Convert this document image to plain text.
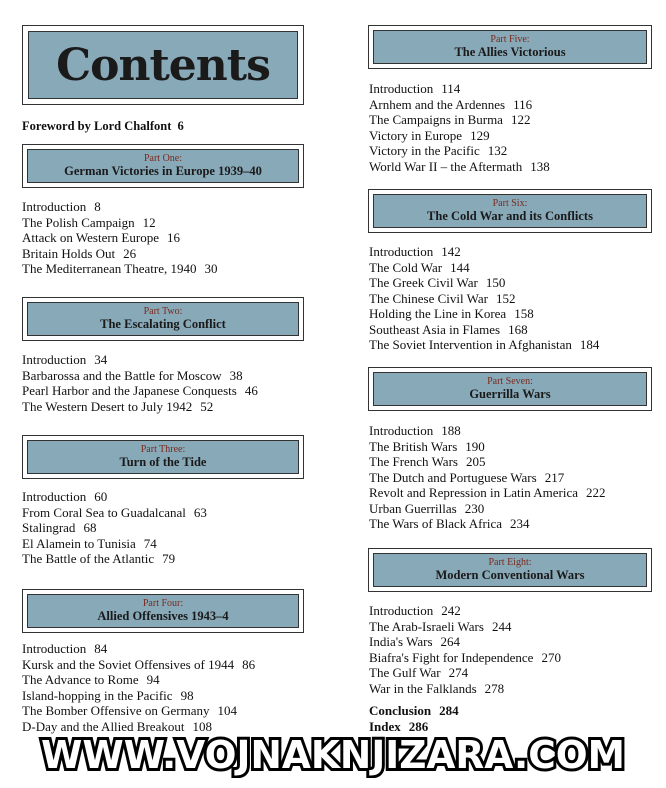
Contents
Foreword by Lord Chalfont 6
Part One:
German Victories in Europe 1939–40
Introduction 8
The Polish Campaign 12
Attack on Western Europe 16
Britain Holds Out 26
The Mediterranean Theatre, 1940 30
Part Two:
The Escalating Conflict
Introduction 34
Barbarossa and the Battle for Moscow 38
Pearl Harbor and the Japanese Conquests 46
The Western Desert to July 1942 52
Part Three:
Turn of the Tide
Introduction 60
From Coral Sea to Guadalcanal 63
Stalingrad 68
El Alamein to Tunisia 74
The Battle of the Atlantic 79
Part Four:
Allied Offensives 1943–4
Introduction 84
Kursk and the Soviet Offensives of 1944 86
The Advance to Rome 94
Island-hopping in the Pacific 98
The Bomber Offensive on Germany 104
D-Day and the Allied Breakout 108
Part Five:
The Allies Victorious
Introduction 114
Arnhem and the Ardennes 116
The Campaigns in Burma 122
Victory in Europe 129
Victory in the Pacific 132
World War II – the Aftermath 138
Part Six:
The Cold War and its Conflicts
Introduction 142
The Cold War 144
The Greek Civil War 150
The Chinese Civil War 152
Holding the Line in Korea 158
Southeast Asia in Flames 168
The Soviet Intervention in Afghanistan 184
Part Seven:
Guerrilla Wars
Introduction 188
The British Wars 190
The French Wars 205
The Dutch and Portuguese Wars 217
Revolt and Repression in Latin America 222
Urban Guerrillas 230
The Wars of Black Africa 234
Part Eight:
Modern Conventional Wars
Introduction 242
The Arab-Israeli Wars 244
India's Wars 264
Biafra's Fight for Independence 270
The Gulf War 274
War in the Falklands 278
Conclusion 284
Index 286
WWW.VOJNAKNJIZARA.COM
